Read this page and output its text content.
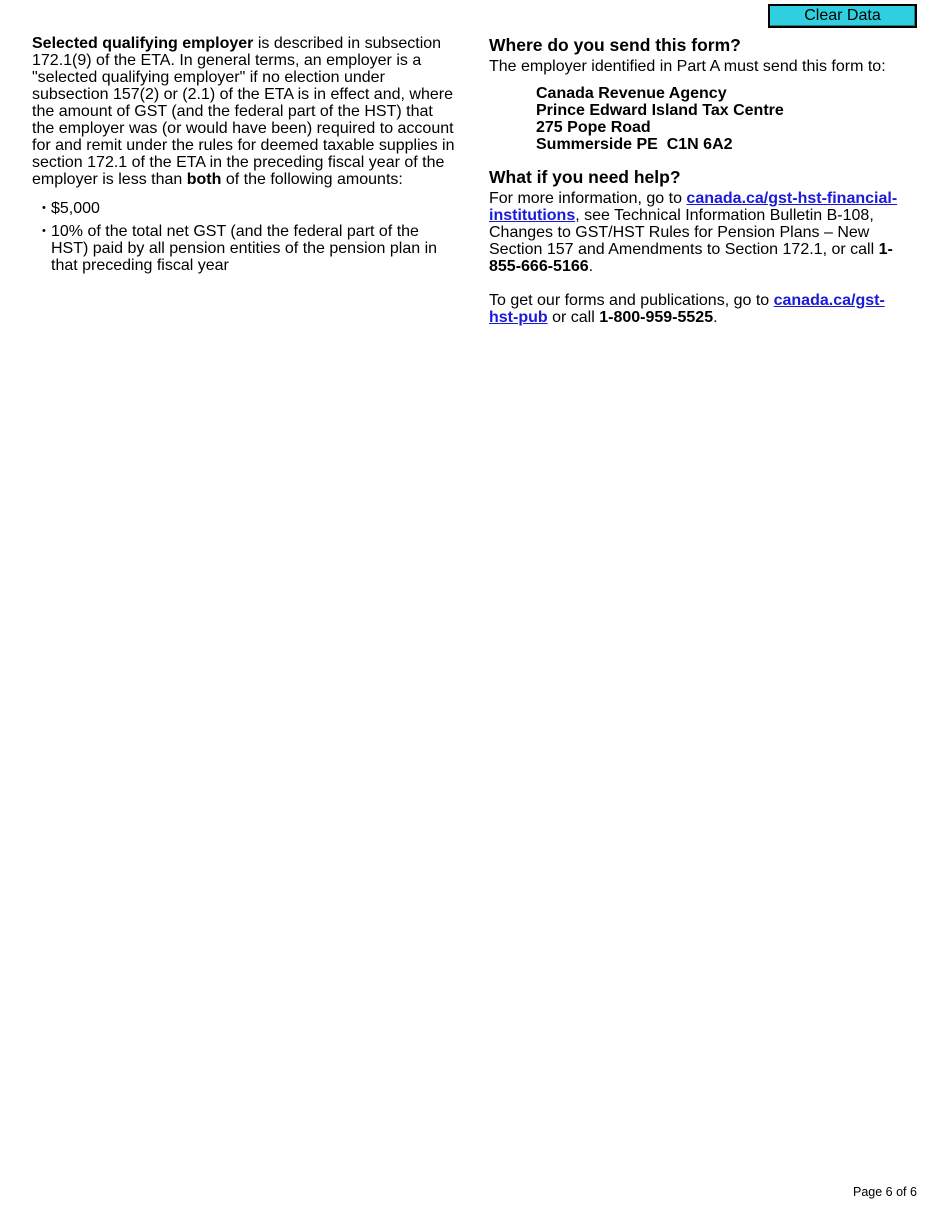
Clear Data

Selected qualifying employer is described in subsection 172.1(9) of the ETA. In general terms, an employer is a "selected qualifying employer" if no election under subsection 157(2) or (2.1) of the ETA is in effect and, where the amount of GST (and the federal part of the HST) that the employer was (or would have been) required to account for and remit under the rules for deemed taxable supplies in section 172.1 of the ETA in the preceding fiscal year of the employer is less than both of the following amounts:

• $5,000
• 10% of the total net GST (and the federal part of the HST) paid by all pension entities of the pension plan in that preceding fiscal year
Where do you send this form?

The employer identified in Part A must send this form to:

Canada Revenue Agency
Prince Edward Island Tax Centre
275 Pope Road
Summerside PE  C1N 6A2
What if you need help?

For more information, go to canada.ca/gst-hst-financial-institutions, see Technical Information Bulletin B-108, Changes to GST/HST Rules for Pension Plans – New Section 157 and Amendments to Section 172.1, or call 1-855-666-5166.

To get our forms and publications, go to canada.ca/gst-hst-pub or call 1-800-959-5525.

Page 6 of 6
